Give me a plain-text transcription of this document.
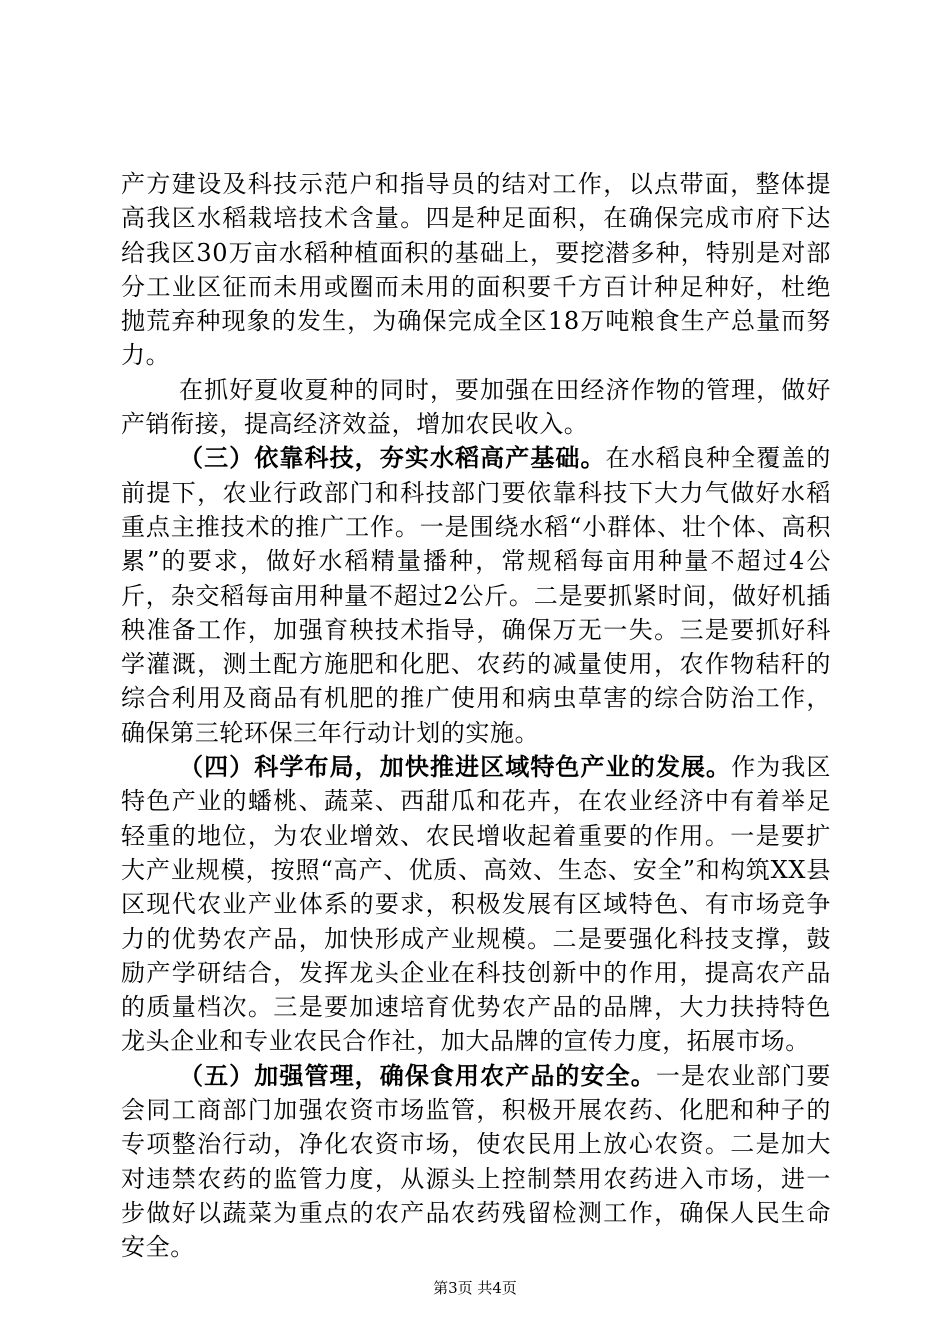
产方建设及科技示范户和指导员的结对工作，以点带面，整体提高我区水稻栽培技术含量。四是种足面积，在确保完成市府下达给我区30万亩水稻种植面积的基础上，要挖潜多种，特别是对部分工业区征而未用或圈而未用的面积要千方百计种足种好，杜绝抛荒弃种现象的发生，为确保完成全区18万吨粮食生产总量而努力。

在抓好夏收夏种的同时，要加强在田经济作物的管理，做好产销衔接，提高经济效益，增加农民收入。

（三）依靠科技，夯实水稻高产基础。在水稻良种全覆盖的前提下，农业行政部门和科技部门要依靠科技下大力气做好水稻重点主推技术的推广工作。一是围绕水稻“小群体、壮个体、高积累”的要求，做好水稻精量播种，常规稻每亩用种量不超过4公斤，杂交稻每亩用种量不超过2公斤。二是要抓紧时间，做好机插秧准备工作，加强育秧技术指导，确保万无一失。三是要抓好科学灌溉，测土配方施肥和化肥、农药的减量使用，农作物秸秆的综合利用及商品有机肥的推广使用和病虫草害的综合防治工作，确保第三轮环保三年行动计划的实施。

（四）科学布局，加快推进区域特色产业的发展。作为我区特色产业的蟠桃、蔬菜、西甜瓜和花卉，在农业经济中有着举足轻重的地位，为农业增效、农民增收起着重要的作用。一是要扩大产业规模，按照“高产、优质、高效、生态、安全”和构筑XX县区现代农业产业体系的要求，积极发展有区域特色、有市场竞争力的优势农产品，加快形成产业规模。二是要强化科技支撑，鼓励产学研结合，发挥龙头企业在科技创新中的作用，提高农产品的质量档次。三是要加速培育优势农产品的品牌，大力扶持特色龙头企业和专业农民合作社，加大品牌的宣传力度，拓展市场。

（五）加强管理，确保食用农产品的安全。一是农业部门要会同工商部门加强农资市场监管，积极开展农药、化肥和种子的专项整治行动，净化农资市场，使农民用上放心农资。二是加大对违禁农药的监管力度，从源头上控制禁用农药进入市场，进一步做好以蔬菜为重点的农产品农药残留检测工作，确保人民生命安全。

第3页 共4页
